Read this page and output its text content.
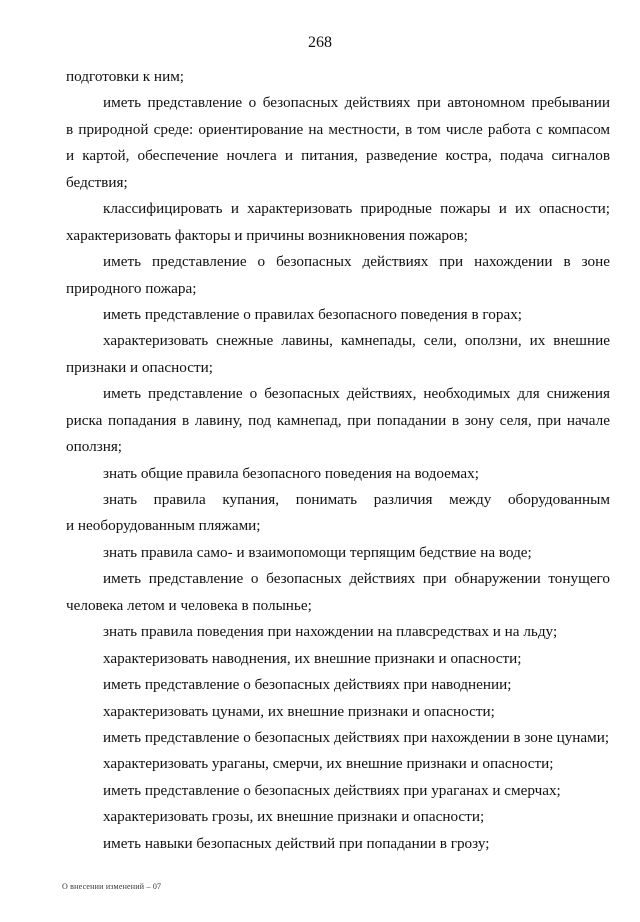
268
подготовки к ним;
иметь представление о безопасных действиях при автономном пребывании
в природной среде: ориентирование на местности, в том числе работа с компасом
и картой, обеспечение ночлега и питания, разведение костра, подача сигналов
бедствия;
классифицировать и характеризовать природные пожары и их опасности;
характеризовать факторы и причины возникновения пожаров;
иметь представление о безопасных действиях при нахождении в зоне
природного пожара;
иметь представление о правилах безопасного поведения в горах;
характеризовать снежные лавины, камнепады, сели, оползни, их внешние
признаки и опасности;
иметь представление о безопасных действиях, необходимых для снижения
риска попадания в лавину, под камнепад, при попадании в зону селя, при начале
оползня;
знать общие правила безопасного поведения на водоемах;
знать правила купания, понимать различия между оборудованным
и необорудованным пляжами;
знать правила само- и взаимопомощи терпящим бедствие на воде;
иметь представление о безопасных действиях при обнаружении тонущего
человека летом и человека в полынье;
знать правила поведения при нахождении на плавсредствах и на льду;
характеризовать наводнения, их внешние признаки и опасности;
иметь представление о безопасных действиях при наводнении;
характеризовать цунами, их внешние признаки и опасности;
иметь представление о безопасных действиях при нахождении в зоне цунами;
характеризовать ураганы, смерчи, их внешние признаки и опасности;
иметь представление о безопасных действиях при ураганах и смерчах;
характеризовать грозы, их внешние признаки и опасности;
иметь навыки безопасных действий при попадании в грозу;
О внесении изменений – 07
